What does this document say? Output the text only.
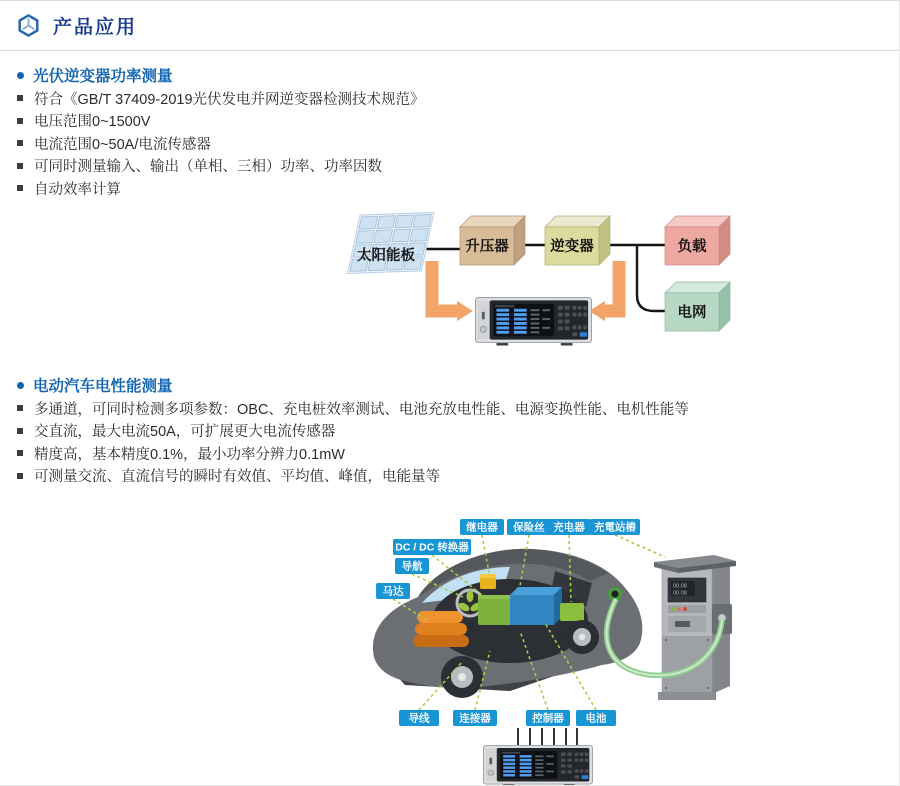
产品应用
光伏逆变器功率测量
符合《GB/T 37409-2019光伏发电并网逆变器检测技术规范》
电压范围0~1500V
电流范围0~50A/电流传感器
可同时测量输入、输出（单相、三相）功率、功率因数
自动效率计算
太阳能板
升压器	逆变器	负载
电网
电动汽车电性能测量
多通道，可同时检测多项参数：OBC、充电桩效率测试、电池充放电性能、电源变换性能、电机性能等
交直流，最大电流50A，可扩展更大电流传感器
精度高，基本精度0.1%，最小功率分辨力0.1mW
可测量交流、直流信号的瞬时有效值、平均值、峰值，电能量等
00.08
00.08
继电器 保险丝 充电器 充電站樁
DC / DC 转换器
导航
马达
导线	连接器	控制器 电池
